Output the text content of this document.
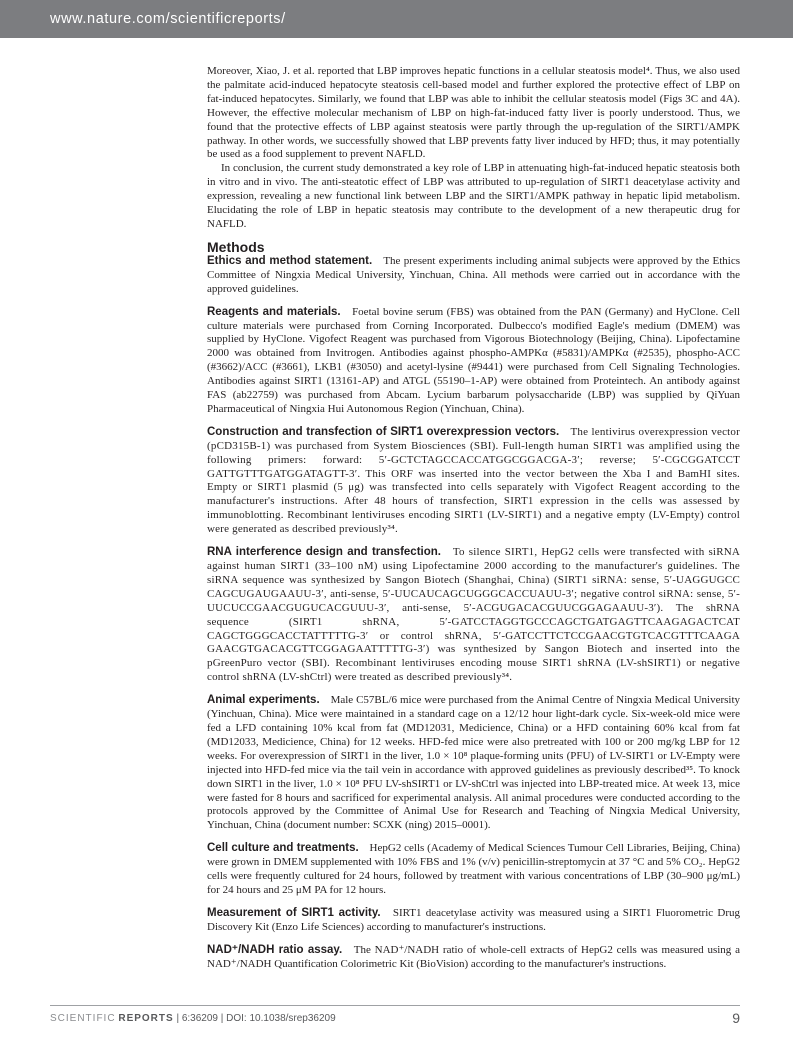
www.nature.com/scientificreports/

Moreover, Xiao, J. et al. reported that LBP improves hepatic functions in a cellular steatosis model⁴. Thus, we also used the palmitate acid-induced hepatocyte steatosis cell-based model and further explored the protective effect of LBP on fat-induced hepatocytes. Similarly, we found that LBP was able to inhibit the cellular steatosis model (Figs 3C and 4A). However, the effective molecular mechanism of LBP on high-fat-induced fatty liver is poorly understood. Thus, we found that the protective effects of LBP against steatosis were partly through the up-regulation of the SIRT1/AMPK pathway. In other words, we successfully showed that LBP prevents fatty liver induced by HFD; thus, it may potentially be used as a food supplement to prevent NAFLD.

In conclusion, the current study demonstrated a key role of LBP in attenuating high-fat-induced hepatic steatosis both in vitro and in vivo. The anti-steatotic effect of LBP was attributed to up-regulation of SIRT1 deacetylase activity and expression, revealing a new functional link between LBP and the SIRT1/AMPK pathway in hepatic lipid metabolism. Elucidating the role of LBP in hepatic steatosis may contribute to the development of a new therapeutic drug for NAFLD.

Methods
Ethics and method statement. The present experiments including animal subjects were approved by the Ethics Committee of Ningxia Medical University, Yinchuan, China. All methods were carried out in accordance with the approved guidelines.
Reagents and materials. Foetal bovine serum (FBS) was obtained from the PAN (Germany) and HyClone. Cell culture materials were purchased from Corning Incorporated. Dulbecco's modified Eagle's medium (DMEM) was supplied by HyClone. Vigofect Reagent was purchased from Vigorous Biotechnology (Beijing, China). Lipofectamine 2000 was obtained from Invitrogen. Antibodies against phospho-AMPKα (#5831)/AMPKα (#2535), phospho-ACC (#3662)/ACC (#3661), LKB1 (#3050) and acetyl-lysine (#9441) were purchased from Cell Signaling Technologies. Antibodies against SIRT1 (13161-AP) and ATGL (55190–1-AP) were obtained from Proteintech. An antibody against FAS (ab22759) was purchased from Abcam. Lycium barbarum polysaccharide (LBP) was supplied by QiYuan Pharmaceutical of Ningxia Hui Autonomous Region (Yinchuan, China).
Construction and transfection of SIRT1 overexpression vectors. The lentivirus overexpression vector (pCD315B-1) was purchased from System Biosciences (SBI). Full-length human SIRT1 was amplified using the following primers: forward: 5′-GCTCTAGCCACCATGGCGGACGA-3′; reverse; 5′-CGCGGATCCT GATTGTTTGATGGATAGTT-3′. This ORF was inserted into the vector between the Xba I and BamHI sites. Empty or SIRT1 plasmid (5 μg) was transfected into cells separately with Vigofect Reagent according to the manufacturer's instructions. After 48 hours of transfection, SIRT1 expression in the cells was assessed by immunoblotting. Recombinant lentiviruses encoding SIRT1 (LV-SIRT1) and a negative empty (LV-Empty) control were generated as described previously³⁴.
RNA interference design and transfection. To silence SIRT1, HepG2 cells were transfected with siRNA against human SIRT1 (33–100 nM) using Lipofectamine 2000 according to the manufacturer's guidelines. The siRNA sequence was synthesized by Sangon Biotech (Shanghai, China) (SIRT1 siRNA: sense, 5′-UAGGUGCC CAGCUGAUGAAUU-3′, anti-sense, 5′-UUCAUCAGCUGGGCACCUAUU-3′; negative control siRNA: sense, 5′-UUCUCCGAACGUGUCACGUUU-3′, anti-sense, 5′-ACGUGACACGUUCGGAGAAUU-3′). The shRNA sequence (SIRT1 shRNA, 5′-GATCCTAGGTGCCCAGCTGATGAGTTCAAGAGACTCAT CAGCTGGGCACCTATTTTTG-3′ or control shRNA, 5′-GATCCTTCTCCGAACGTGTCACGTTTCAAGA GAACGTGACACGTTCGGAGAATTTTTG-3′) was synthesized by Sangon Biotech and inserted into the pGreenPuro vector (SBI). Recombinant lentiviruses encoding mouse SIRT1 shRNA (LV-shSIRT1) or negative control shRNA (LV-shCtrl) were treated as described previously³⁴.
Animal experiments. Male C57BL/6 mice were purchased from the Animal Centre of Ningxia Medical University (Yinchuan, China). Mice were maintained in a standard cage on a 12/12 hour light-dark cycle. Six-week-old mice were fed a LFD containing 10% kcal from fat (MD12031, Medicience, China) or a HFD containing 60% kcal from fat (MD12033, Medicience, China) for 12 weeks. HFD-fed mice were also pretreated with 100 or 200 mg/kg LBP for 12 weeks. For overexpression of SIRT1 in the liver, 1.0 × 10⁸ plaque-forming units (PFU) of LV-SIRT1 or LV-Empty were injected into HFD-fed mice via the tail vein in accordance with approved guidelines as previously described³⁵. To knock down SIRT1 in the liver, 1.0 × 10⁸ PFU LV-shSIRT1 or LV-shCtrl was injected into LBP-treated mice. At week 13, mice were fasted for 8 hours and sacrificed for experimental analysis. All animal procedures were conducted according to the protocols approved by the Committee of Animal Use for Research and Teaching of Ningxia Medical University, Yinchuan, China (document number: SCXK (ning) 2015–0001).
Cell culture and treatments. HepG2 cells (Academy of Medical Sciences Tumour Cell Libraries, Beijing, China) were grown in DMEM supplemented with 10% FBS and 1% (v/v) penicillin-streptomycin at 37 °C and 5% CO₂. HepG2 cells were frequently cultured for 24 hours, followed by treatment with various concentrations of LBP (30–900 μg/mL) for 24 hours and 25 μM PA for 12 hours.
Measurement of SIRT1 activity. SIRT1 deacetylase activity was measured using a SIRT1 Fluorometric Drug Discovery Kit (Enzo Life Sciences) according to manufacturer's instructions.
NAD⁺/NADH ratio assay. The NAD⁺/NADH ratio of whole-cell extracts of HepG2 cells was measured using a NAD⁺/NADH Quantification Colorimetric Kit (BioVision) according to the manufacturer's instructions.
SCIENTIFIC REPORTS | 6:36209 | DOI: 10.1038/srep36209	9
